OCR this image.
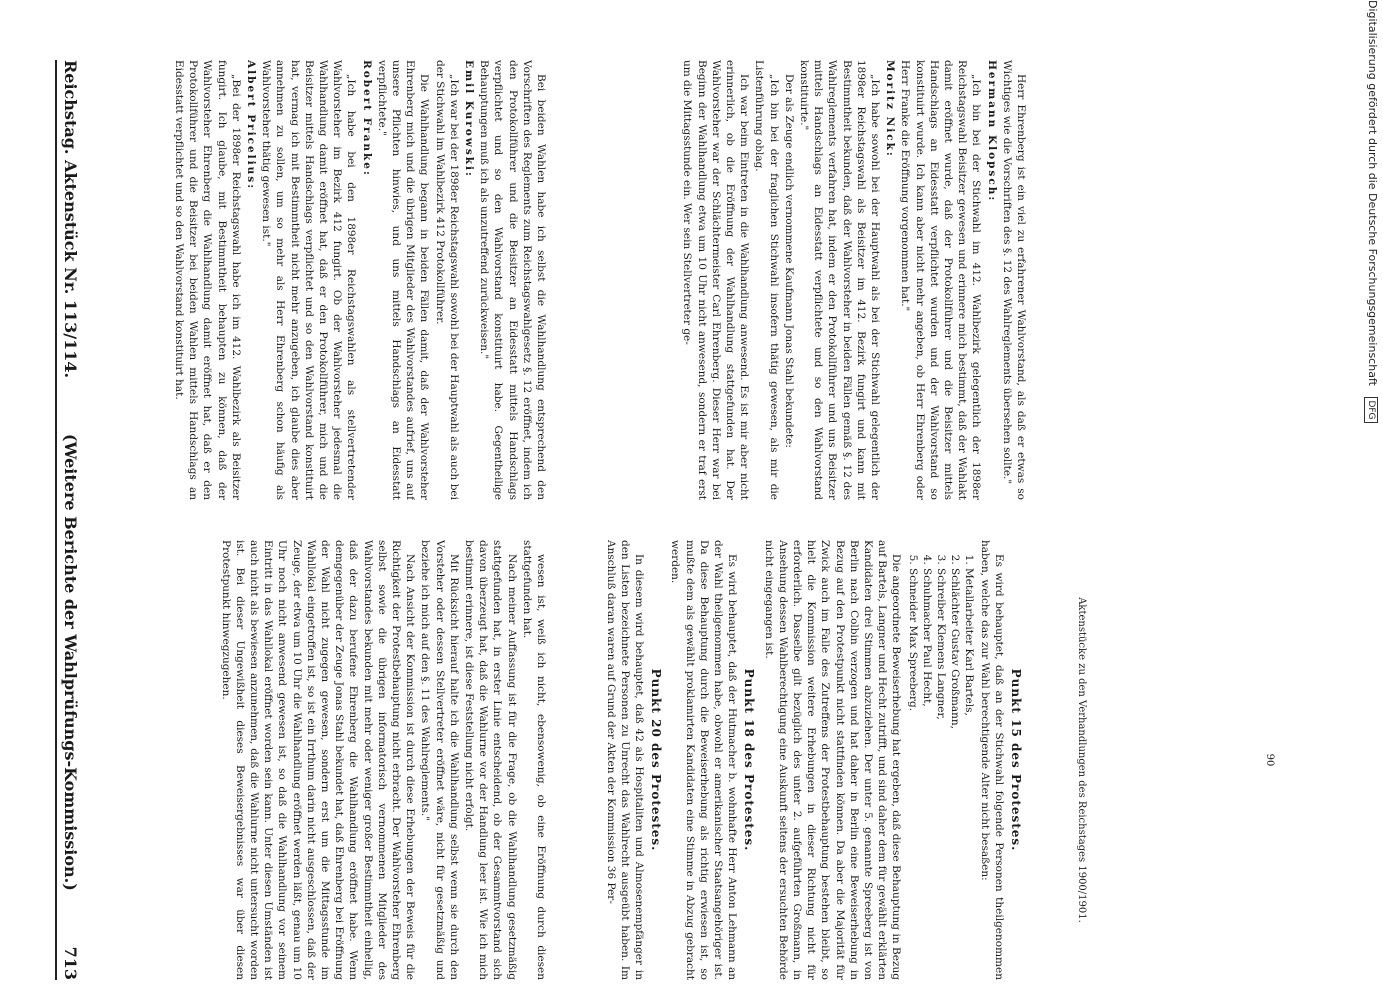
Digitalisierung gefördert durch die Deutsche Forschungsgemeinschaft DFG
Reichstag. Aktenstück Nr. 113/114.
(Weitere Berichte der Wahlprüfungs-Kommission.)
713

Bei beiden Wahlen habe ich selbst die Wahlhandlung entsprechend den Vorschriften des Reglements zum Reichstagswahlgesetz §. 12 eröffnet, indem ich den Protokollführer und die Beisitzer an Eidesstatt mittels Handschlags verpflichtet und so den Wahlvorstand konstituirt habe. Gegentheilige Behauptungen muß ich als unzutreffend zurückweisen."

Emil Kurowski:

„Ich war bei der 1898er Reichstagswahl sowohl bei der Hauptwahl als auch bei der Stichwahl im Wahlbezirk 412 Protokollführer.

Die Wahlhandlung begann in beiden Fällen damit, daß der Wahlvorsteher Ehrenberg mich und die übrigen Mitglieder des Wahlvorstandes aufrief, uns auf unsere Pflichten hinwies, und uns mittels Handschlags an Eidesstatt verpflichtete."

Robert Franke:

„Ich habe bei den 1898er Reichstagswahlen als stellvertretender Wahlvorsteher im Bezirk 412 fungirt. Ob der Wahlvorsteher jedesmal die Wahlhandlung damit eröffnet hat, daß er den Protokollführer, mich und die Beisitzer mittels Handschlags verpflichtet und so den Wahlvorstand konstituirt hat, vermag ich mit Bestimmtheit nicht mehr anzugeben, ich glaube dies aber annehmen zu sollen, um so mehr als Herr Ehrenberg schon häufig als Wahlvorsteher thätig gewesen ist."

Albert Pricelius:

„Bei der 1898er Reichstagswahl habe ich im 412. Wahlbezirk als Beisitzer fungirt. Ich glaube, mit Bestimmtheit behaupten zu können, daß der Wahlvorsteher Ehrenberg die Wahlhandlung damit eröffnet hat, daß er den Protokollführer und die Beisitzer bei beiden Wahlen mittels Handschlags an Eidesstatt verpflichtet und so den Wahlvorstand konstituirt hat.	Herr Ehrenberg ist ein viel zu erfahrener Wahlvorstand, als daß er etwas so Wichtiges wie die Vorschriften des §. 12 des Wahlreglements übersehen sollte."

Hermann Klopsch:

„Ich bin bei der Stichwahl im 412. Wahlbezirk gelegentlich der 1898er Reichstagswahl Beisitzer gewesen und erinnere mich bestimmt, daß der Wahlakt damit eröffnet wurde, daß der Protokollführer und die Beisitzer mittels Handschlags an Eidesstatt verpflichtet wurden und der Wahlvorstand so konstituirt wurde. Ich kann aber nicht mehr angeben, ob Herr Ehrenberg oder Herr Franke die Eröffnung vorgenommen hat."

Moritz Nick:

„Ich habe sowohl bei der Hauptwahl als bei der Stichwahl gelegentlich der 1898er Reichstagswahl als Beisitzer im 412. Bezirk fungirt und kann mit Bestimmtheit bekunden, daß der Wahlvorsteher in beiden Fällen gemäß §. 12 des Wahlreglements verfahren hat, indem er den Protokollführer und uns Beisitzer mittels Handschlags an Eidesstatt verpflichtete und so den Wahlvorstand konstituirte."

Der als Zeuge endlich vernommene Kaufmann Jonas Stahl bekundete:

„Ich bin bei der fraglichen Stichwahl insofern thätig gewesen, als mir die Listenführung oblag.

Ich war beim Eintreten in die Wahlhandlung anwesend. Es ist mir aber nicht erinnerlich, ob die Eröffnung der Wahlhandlung stattgefunden hat. Der Wahlvorsteher war der Schlächtermeister Carl Ehrenberg. Dieser Herr war bei Beginn der Wahlhandlung etwa um 10 Uhr nicht anwesend, sondern er traf erst um die Mittagsstunde ein. Wer sein Stellvertreter ge-

wesen ist, weiß ich nicht, ebensowenig, ob eine Eröffnung durch diesen stattgefunden hat.

Nach meiner Auffassung ist für die Frage, ob die Wahlhandlung gesetzmäßig stattgefunden hat, in erster Linie entscheidend, ob der Gesammtvorstand sich davon überzeugt hat, daß die Wahlurne vor der Handlung leer ist. Wie ich mich bestimmt erinnere, ist diese Feststellung nicht erfolgt.

Mit Rücksicht hierauf halte ich die Wahlhandlung selbst wenn sie durch den Vorsteher oder dessen Stellvertreter eröffnet wäre, nicht für gesetzmäßig und beziehe ich mich auf den §. 11 des Wahlreglements."

Nach Ansicht der Kommission ist durch diese Erhebungen der Beweis für die Richtigkeit der Protestbehauptung nicht erbracht. Der Wahlvorsteher Ehrenberg selbst sowie die übrigen informatorisch vernommenen Mitglieder des Wahlvorstandes bekunden mit mehr oder weniger großer Bestimmtheit einhellig, daß der dazu berufene Ehrenberg die Wahlhandlung eröffnet habe. Wenn demgegenüber der Zeuge Jonas Stahl bekundet hat, daß Ehrenberg bei Eröffnung der Wahl nicht zugegen gewesen, sondern erst um die Mittagsstunde im Wahllokal eingetroffen ist, so ist ein Irrthum darin nicht ausgeschlossen, daß der Zeuge, der etwa um 10 Uhr die Wahlhandlung eröffnet werden läßt, genau um 10 Uhr noch nicht anwesend gewesen ist, so daß die Wahlhandlung vor seinem Eintritt in das Wahllokal eröffnet worden sein kann. Unter diesen Umständen ist auch nicht als bewiesen anzunehmen, daß die Wahlurne nicht untersucht worden ist. Bei dieser Ungewißheit dieses Beweisergebnisses war über diesen Protestpunkt hinwegzugehen.

Punkt 15 des Protestes.

Es wird behauptet, daß an der Stichwahl folgende Personen theilgenommen haben, welche das zur Wahl berechtigende Alter nicht besaßen:

1. Metallarbeiter Karl Bartels,
2. Schlächter Gustav Großmann,
3. Schreiber Klemens Langner,
4. Schuhmacher Paul Hecht,
5. Schneider Max Spreeberg.

Die angeordnete Beweiserhebung hat ergeben, daß diese Behauptung in Bezug auf Bartels, Langner und Hecht zutrifft, und sind daher dem für gewählt erklärten Kandidaten drei Stimmen abzuziehen. Der unter 5. genannte Spreeberg ist von Berlin nach Colbin verzogen und hat daher in Berlin eine Beweiserhebung in Bezug auf den Protestpunkt nicht stattfinden können. Da aber die Majorität für Zwick auch im Falle des Zutreffens der Protestbehauptung bestehen bleibt, so hielt die Kommission weitere Erhebungen in dieser Richtung nicht für erforderlich. Dasselbe gilt bezüglich des unter 2. aufgeführten Großmann, in Ansehung dessen Wahlberechtigung eine Auskunft seitens der ersuchten Behörde nicht eingegangen ist.

Punkt 18 des Protestes.

Es wird behauptet, daß der Hutmacher b. wohnhafte Herr Anton Lehmann an der Wahl theilgenommen habe, obwohl er amerikanischer Staatsangehöriger ist. Da diese Behauptung durch die Beweiserhebung als richtig erwiesen ist, so mußte dem als gewählt proklamirten Kandidaten eine Stimme in Abzug gebracht werden.

Punkt 20 des Protestes.

In diesem wird behauptet, daß 42 als Hospitaliten und Almosenempfänger in den Listen bezeichnete Personen zu Unrecht das Wahlrecht ausgeübt haben. Im Anschluß daran waren auf Grund der Akten der Kommission 36 Per-	Aktenstücke zu den Verhandlungen des Reichstages 1900/1901.	90
